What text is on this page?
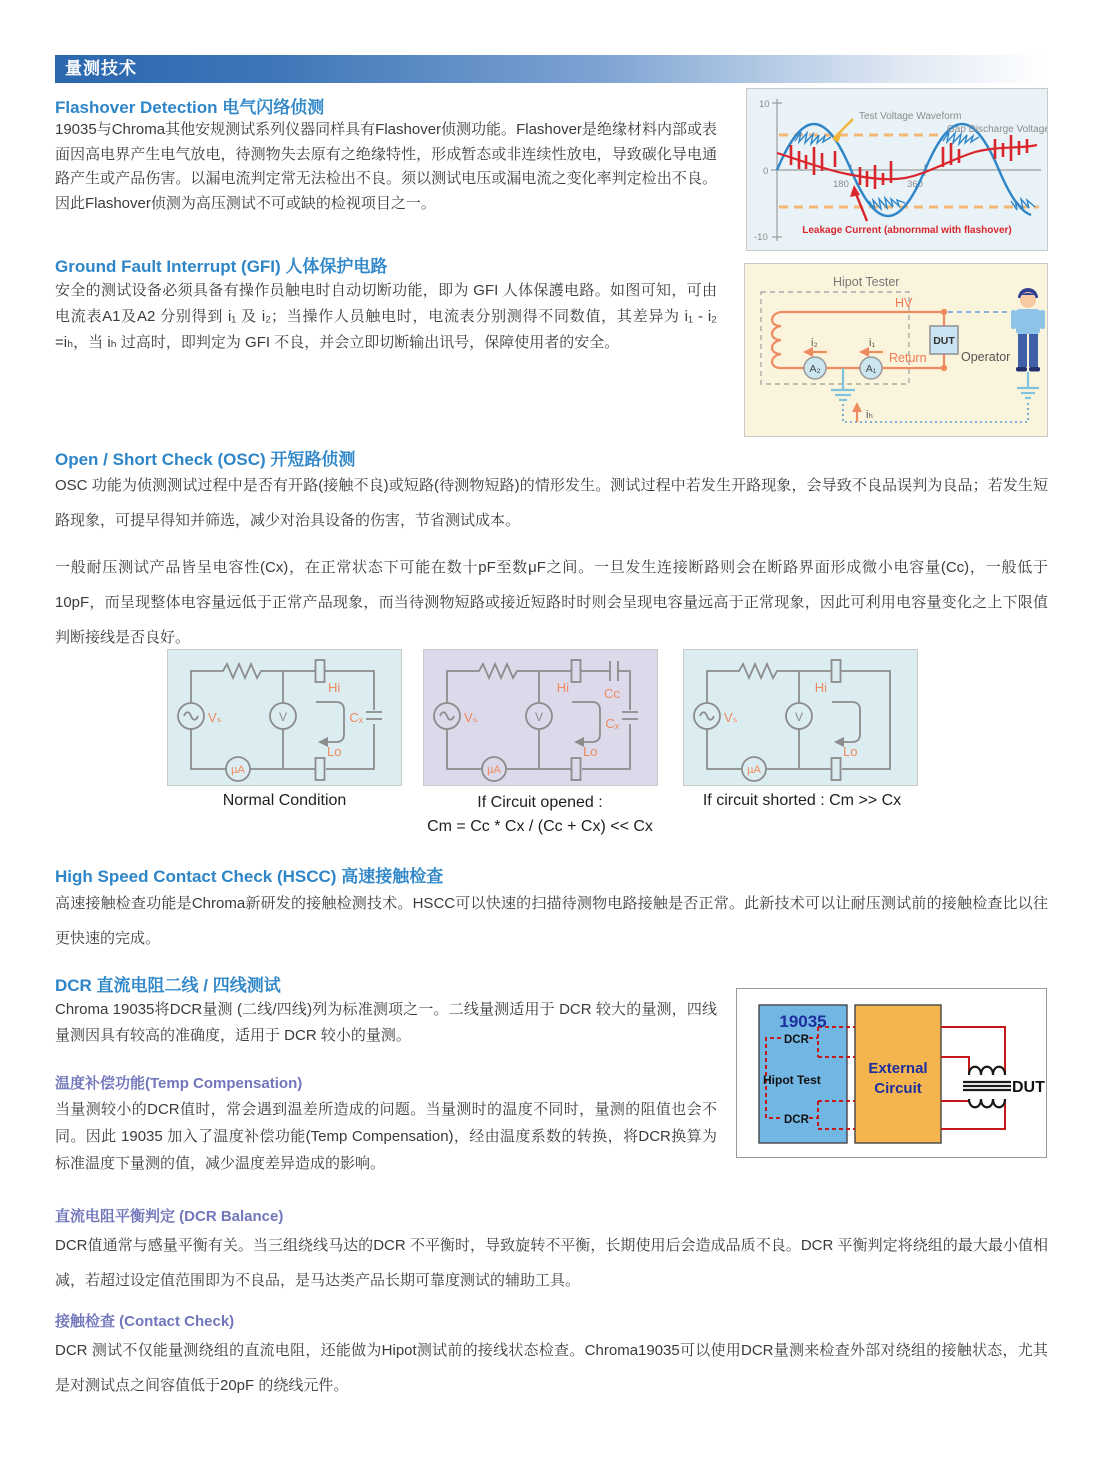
量测技术
Flashover Detection 电气闪络侦测
19035与Chroma其他安规测试系列仪器同样具有Flashover侦测功能。Flashover是绝缘材料内部或表面因高电界产生电气放电，待测物失去原有之绝缘特性，形成暂态或非连续性放电，导致碳化导电通路产生或产品伤害。以漏电流判定常无法检出不良。须以测试电压或漏电流之变化率判定检出不良。因此Flashover侦测为高压测试不可或缺的检视项目之一。
10
0
-10
180	360
Test Voltage Waveform
Gap Discharge Voltage
Leakage Current (abnornmal with flashover)
Ground Fault Interrupt (GFI) 人体保护电路
安全的测试设备必须具备有操作员触电时自动切断功能，即为 GFI 人体保護电路。如图可知，可由电流表A1及A2 分别得到 i₁ 及 i₂；当操作人员触电时，电流表分别测得不同数值，其差异为 i₁ - i₂ =iₕ，当 iₕ 过高时，即判定为 GFI 不良，并会立即切断输出讯号，保障使用者的安全。
Hipot Tester
HV
Return
i₂	i₁
A₂	A₁
DUT
Operator
iₕ
Open / Short Check (OSC) 开短路侦测
OSC 功能为侦测测试过程中是否有开路(接触不良)或短路(待测物短路)的情形发生。测试过程中若发生开路现象，会导致不良品误判为良品；若发生短路现象，可提早得知并筛选，减少对治具设备的伤害，节省测试成本。
一般耐压测试产品皆呈电容性(Cx)，在正常状态下可能在数十pF至数μF之间。一旦发生连接断路则会在断路界面形成微小电容量(Cc)，一般低于10pF，而呈现整体电容量远低于正常产品现象，而当待测物短路或接近短路时时则会呈现电容量远高于正常现象，因此可利用电容量变化之上下限值判断接线是否良好。
Vₛ	V
µA
Hi
Lo
Cₓ
Normal Condition
Vₛ	V
µA
Hi
Lo
Cc
Cₓ
If Circuit opened :
Cm = Cc * Cx / (Cc + Cx) << Cx
Vₛ	V
µA
Hi
Lo
If circuit shorted : Cm >> Cx
High Speed Contact Check (HSCC) 高速接触检查
高速接触检查功能是Chroma新研发的接触检测技术。HSCC可以快速的扫描待测物电路接触是否正常。此新技术可以让耐压测试前的接触检查比以往更快速的完成。
DCR 直流电阻二线 / 四线测试
Chroma 19035将DCR量测 (二线/四线)列为标准测项之一。二线量测适用于 DCR 较大的量测，四线量测因具有较高的准确度，适用于 DCR 较小的量测。
19035
DCR
Hipot Test
DCR
External
Circuit	DUT
温度补偿功能(Temp Compensation)
当量测较小的DCR值时，常会遇到温差所造成的问题。当量测时的温度不同时，量测的阻值也会不同。因此 19035 加入了温度补偿功能(Temp Compensation)，经由温度系数的转换，将DCR换算为标准温度下量测的值，减少温度差异造成的影响。
直流电阻平衡判定 (DCR Balance)
DCR值通常与感量平衡有关。当三组绕线马达的DCR 不平衡时，导致旋转不平衡，长期使用后会造成品质不良。DCR 平衡判定将绕组的最大最小值相减，若超过设定值范围即为不良品，是马达类产品长期可靠度测试的辅助工具。
接触检查 (Contact Check)
DCR 测试不仅能量测绕组的直流电阻，还能做为Hipot测试前的接线状态检查。Chroma19035可以使用DCR量测来检查外部对绕组的接触状态，尤其是对测试点之间容值低于20pF 的绕线元件。
